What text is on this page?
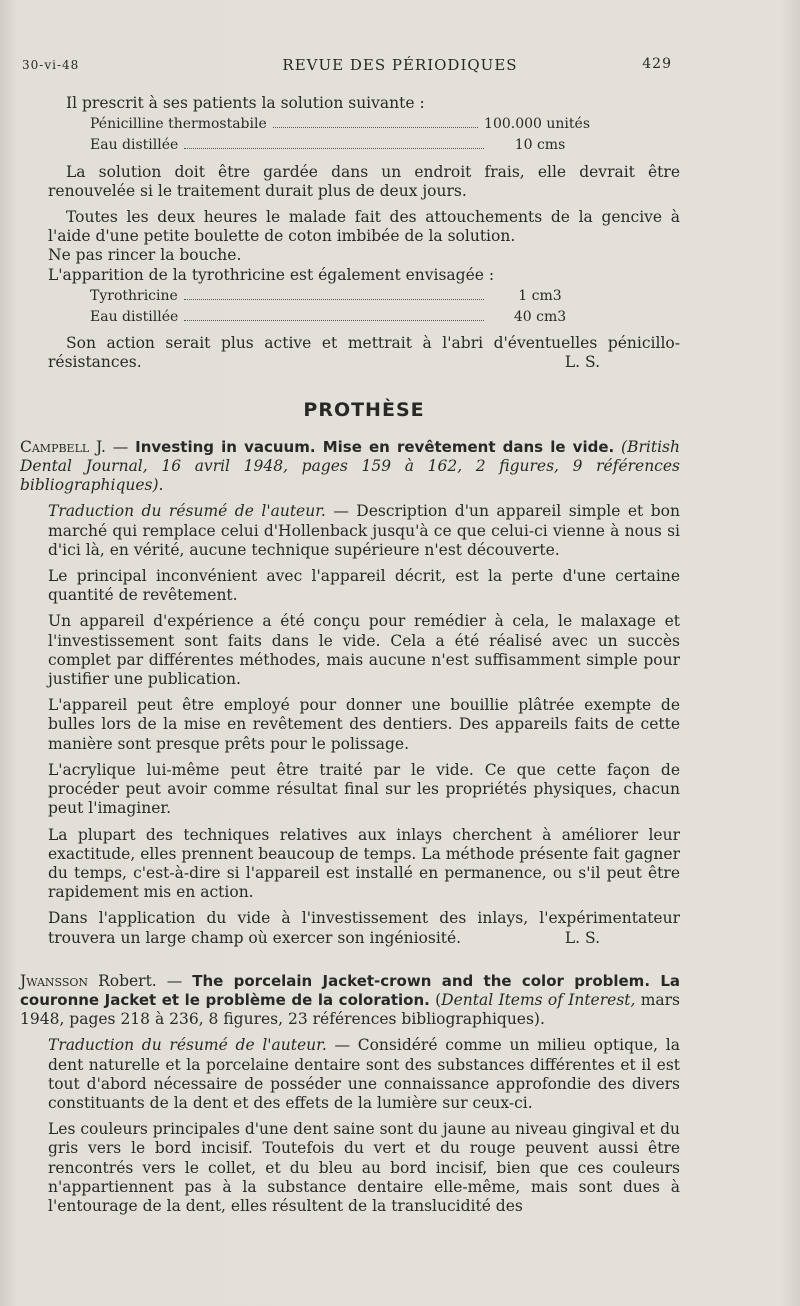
30-vi-48	REVUE DES PÉRIODIQUES	429

Il prescrit à ses patients la solution suivante :

Pénicilline thermostabile	100.000 unités
Eau distillée	10 cms

La solution doit être gardée dans un endroit frais, elle devrait être renouvelée si le traitement durait plus de deux jours.

Toutes les deux heures le malade fait des attouchements de la gencive à l'aide d'une petite boulette de coton imbibée de la solution.

Ne pas rincer la bouche.

L'apparition de la tyrothricine est également envisagée :

Tyrothricine	1 cm3
Eau distillée	40 cm3

Son action serait plus active et mettrait à l'abri d'éventuelles pénicillo-résistances.	L. S.

PROTHÈSE

Campbell J. — Investing in vacuum. Mise en revêtement dans le vide. (British Dental Journal, 16 avril 1948, pages 159 à 162, 2 figures, 9 références bibliographiques).

Traduction du résumé de l'auteur. — Description d'un appareil simple et bon marché qui remplace celui d'Hollenback jusqu'à ce que celui-ci vienne à nous si d'ici là, en vérité, aucune technique supérieure n'est découverte.

Le principal inconvénient avec l'appareil décrit, est la perte d'une certaine quantité de revêtement.

Un appareil d'expérience a été conçu pour remédier à cela, le malaxage et l'investissement sont faits dans le vide. Cela a été réalisé avec un succès complet par différentes méthodes, mais aucune n'est suffisamment simple pour justifier une publication.

L'appareil peut être employé pour donner une bouillie plâtrée exempte de bulles lors de la mise en revêtement des dentiers. Des appareils faits de cette manière sont presque prêts pour le polissage.

L'acrylique lui-même peut être traité par le vide. Ce que cette façon de procéder peut avoir comme résultat final sur les propriétés physiques, chacun peut l'imaginer.

La plupart des techniques relatives aux inlays cherchent à améliorer leur exactitude, elles prennent beaucoup de temps. La méthode présente fait gagner du temps, c'est-à-dire si l'appareil est installé en permanence, ou s'il peut être rapidement mis en action.

Dans l'application du vide à l'investissement des inlays, l'expérimentateur trouvera un large champ où exercer son ingéniosité.	L. S.

Jwansson Robert. — The porcelain Jacket-crown and the color problem. La couronne Jacket et le problème de la coloration. (Dental Items of Interest, mars 1948, pages 218 à 236, 8 figures, 23 références bibliographiques).

Traduction du résumé de l'auteur. — Considéré comme un milieu optique, la dent naturelle et la porcelaine dentaire sont des substances différentes et il est tout d'abord nécessaire de posséder une connaissance approfondie des divers constituants de la dent et des effets de la lumière sur ceux-ci.

Les couleurs principales d'une dent saine sont du jaune au niveau gingival et du gris vers le bord incisif. Toutefois du vert et du rouge peuvent aussi être rencontrés vers le collet, et du bleu au bord incisif, bien que ces couleurs n'appartiennent pas à la substance dentaire elle-même, mais sont dues à l'entourage de la dent, elles résultent de la translucidité des
